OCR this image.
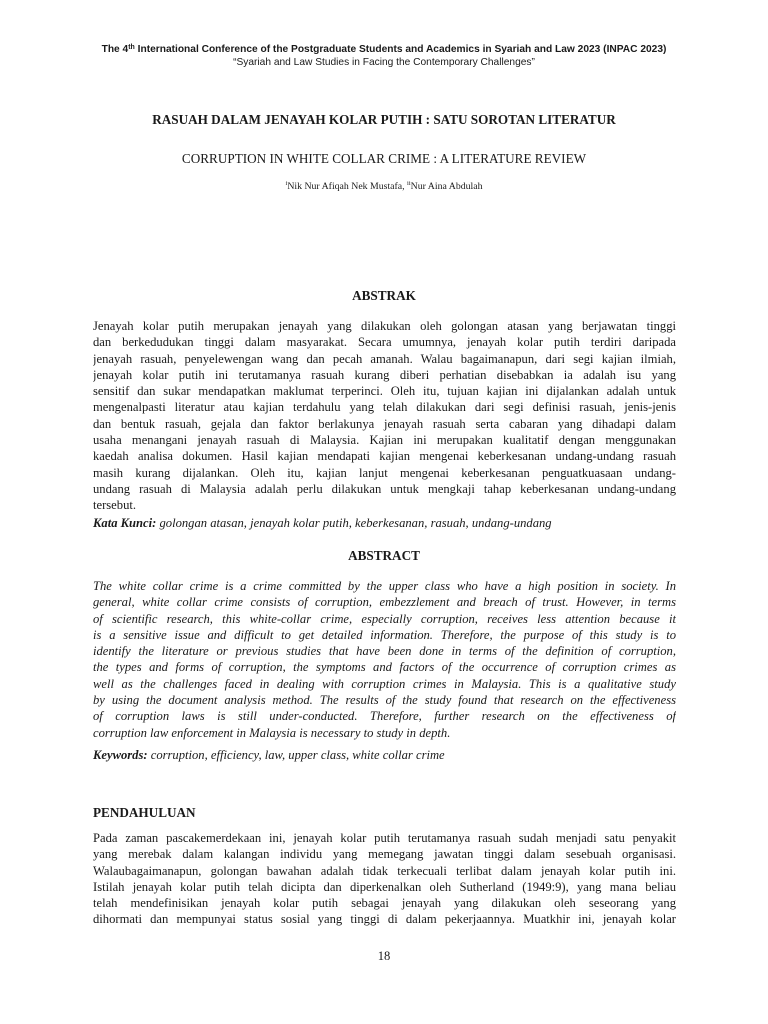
The 4th International Conference of the Postgraduate Students and Academics in Syariah and Law 2023 (INPAC 2023)
“Syariah and Law Studies in Facing the Contemporary Challenges”
RASUAH DALAM JENAYAH KOLAR PUTIH : SATU SOROTAN LITERATUR
CORRUPTION IN WHITE COLLAR CRIME : A LITERATURE REVIEW
$^i$Nik Nur Afiqah Nek Mustafa, $^{ii}$Nur Aina Abdulah
ABSTRAK
Jenayah kolar putih merupakan jenayah yang dilakukan oleh golongan atasan yang berjawatan tinggi
dan berkedudukan tinggi dalam masyarakat. Secara umumnya, jenayah kolar putih terdiri daripada
jenayah rasuah, penyelewengan wang dan pecah amanah. Walau bagaimanapun, dari segi kajian ilmiah,
jenayah kolar putih ini terutamanya rasuah kurang diberi perhatian disebabkan ia adalah isu yang
sensitif dan sukar mendapatkan maklumat terperinci. Oleh itu, tujuan kajian ini dijalankan adalah untuk
mengenalpasti literatur atau kajian terdahulu yang telah dilakukan dari segi definisi rasuah, jenis-jenis
dan bentuk rasuah, gejala dan faktor berlakunya jenayah rasuah serta cabaran yang dihadapi dalam
usaha menangani jenayah rasuah di Malaysia. Kajian ini merupakan kualitatif dengan menggunakan
kaedah analisa dokumen. Hasil kajian mendapati kajian mengenai keberkesanan undang-undang rasuah
masih kurang dijalankan. Oleh itu, kajian lanjut mengenai keberkesanan penguatkuasaan undang-
undang rasuah di Malaysia adalah perlu dilakukan untuk mengkaji tahap keberkesanan undang-undang
tersebut.
Kata Kunci: golongan atasan, jenayah kolar putih, keberkesanan, rasuah, undang-undang
ABSTRACT
The white collar crime is a crime committed by the upper class who have a high position in society. In
general, white collar crime consists of corruption, embezzlement and breach of trust. However, in terms
of scientific research, this white-collar crime, especially corruption, receives less attention because it
is a sensitive issue and difficult to get detailed information. Therefore, the purpose of this study is to
identify the literature or previous studies that have been done in terms of the definition of corruption,
the types and forms of corruption, the symptoms and factors of the occurrence of corruption crimes as
well as the challenges faced in dealing with corruption crimes in Malaysia. This is a qualitative study
by using the document analysis method. The results of the study found that research on the effectiveness
of corruption laws is still under-conducted. Therefore, further research on the effectiveness of
corruption law enforcement in Malaysia is necessary to study in depth.
Keywords: corruption, efficiency, law, upper class, white collar crime
PENDAHULUAN
Pada zaman pascakemerdekaan ini, jenayah kolar putih terutamanya rasuah sudah menjadi satu penyakit
yang merebak dalam kalangan individu yang memegang jawatan tinggi dalam sesebuah organisasi.
Walaubagaimanapun, golongan bawahan adalah tidak terkecuali terlibat dalam jenayah kolar putih ini.
Istilah jenayah kolar putih telah dicipta dan diperkenalkan oleh Sutherland (1949:9), yang mana beliau
telah mendefinisikan jenayah kolar putih sebagai jenayah yang dilakukan oleh seseorang yang
dihormati dan mempunyai status sosial yang tinggi di dalam pekerjaannya. Muatkhir ini, jenayah kolar
18
